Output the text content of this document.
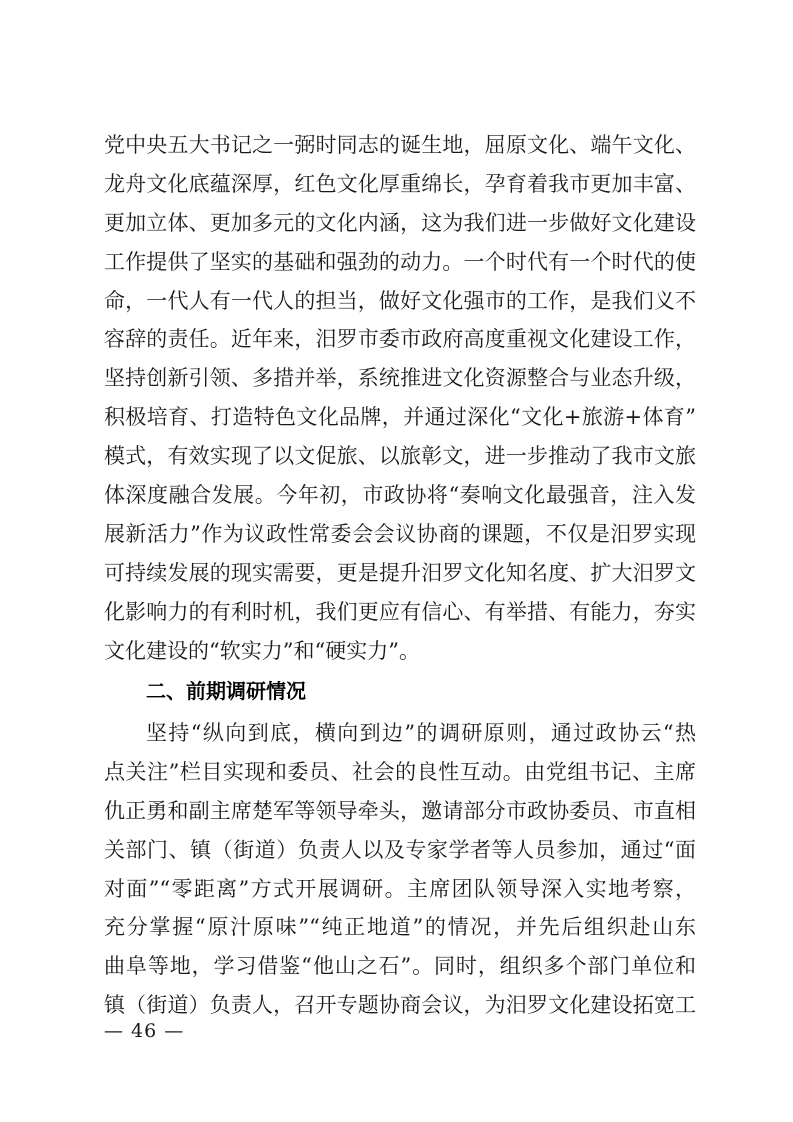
党中央五大书记之一弼时同志的诞生地，屈原文化、端午文化、
龙舟文化底蕴深厚，红色文化厚重绵长，孕育着我市更加丰富、
更加立体、更加多元的文化内涵，这为我们进一步做好文化建设
工作提供了坚实的基础和强劲的动力。一个时代有一个时代的使
命，一代人有一代人的担当，做好文化强市的工作，是我们义不
容辞的责任。近年来，汨罗市委市政府高度重视文化建设工作，
坚持创新引领、多措并举，系统推进文化资源整合与业态升级，
积极培育、打造特色文化品牌，并通过深化“文化+旅游+体育”
模式，有效实现了以文促旅、以旅彰文，进一步推动了我市文旅
体深度融合发展。今年初，市政协将“奏响文化最强音，注入发
展新活力”作为议政性常委会会议协商的课题，不仅是汨罗实现
可持续发展的现实需要，更是提升汨罗文化知名度、扩大汨罗文
化影响力的有利时机，我们更应有信心、有举措、有能力，夯实
文化建设的“软实力”和“硬实力”。
二、前期调研情况
坚持“纵向到底，横向到边”的调研原则，通过政协云“热
点关注”栏目实现和委员、社会的良性互动。由党组书记、主席
仇正勇和副主席楚军等领导牵头，邀请部分市政协委员、市直相
关部门、镇（街道）负责人以及专家学者等人员参加，通过“面
对面”“零距离”方式开展调研。主席团队领导深入实地考察，
充分掌握“原汁原味”“纯正地道”的情况，并先后组织赴山东
曲阜等地，学习借鉴“他山之石”。同时，组织多个部门单位和
镇（街道）负责人，召开专题协商会议，为汨罗文化建设拓宽工
— 46 —
